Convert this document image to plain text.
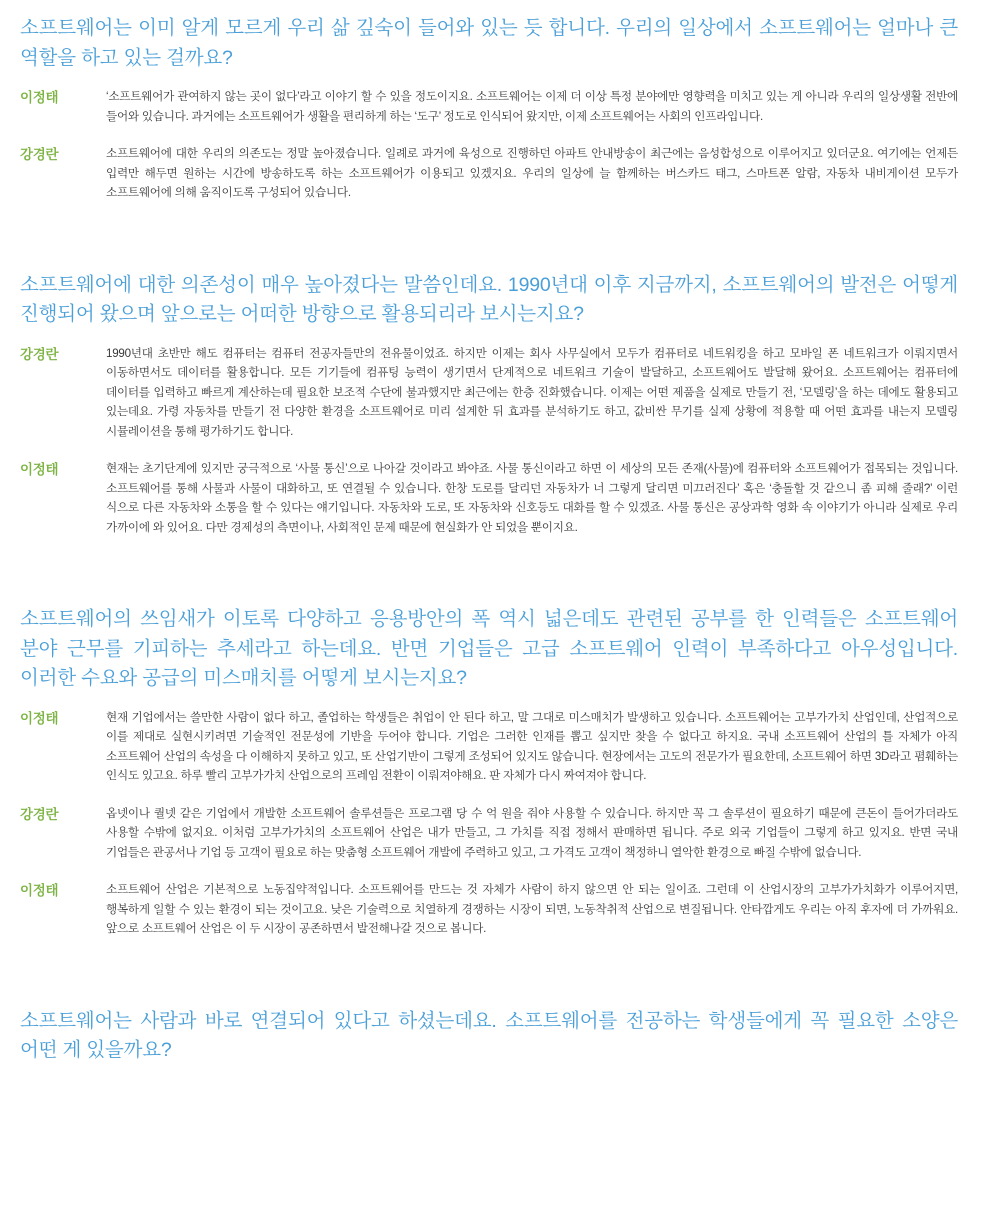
소프트웨어는 이미 알게 모르게 우리 삶 깊숙이 들어와 있는 듯 합니다. 우리의 일상에서 소프트웨어는 얼마나 큰 역할을 하고 있는 걸까요?

이정태	‘소프트웨어가 관여하지 않는 곳이 없다’라고 이야기 할 수 있을 정도이지요. 소프트웨어는 이제 더 이상 특정 분야에만 영향력을 미치고 있는 게 아니라 우리의 일상생활 전반에 들어와 있습니다. 과거에는 소프트웨어가 생활을 편리하게 하는 ‘도구’ 정도로 인식되어 왔지만, 이제 소프트웨어는 사회의 인프라입니다.
강경란	소프트웨어에 대한 우리의 의존도는 정말 높아졌습니다. 일례로 과거에 육성으로 진행하던 아파트 안내방송이 최근에는 음성합성으로 이루어지고 있더군요. 여기에는 언제든 입력만 해두면 원하는 시간에 방송하도록 하는 소프트웨어가 이용되고 있겠지요. 우리의 일상에 늘 함께하는 버스카드 태그, 스마트폰 알람, 자동차 내비게이션 모두가 소프트웨어에 의해 움직이도록 구성되어 있습니다.

소프트웨어에 대한 의존성이 매우 높아졌다는 말씀인데요. 1990년대 이후 지금까지, 소프트웨어의 발전은 어떻게 진행되어 왔으며 앞으로는 어떠한 방향으로 활용되리라 보시는지요?

강경란	1990년대 초반만 해도 컴퓨터는 컴퓨터 전공자들만의 전유물이었죠. 하지만 이제는 회사 사무실에서 모두가 컴퓨터로 네트워킹을 하고 모바일 폰 네트워크가 이뤄지면서 이동하면서도 데이터를 활용합니다. 모든 기기들에 컴퓨팅 능력이 생기면서 단계적으로 네트워크 기술이 발달하고, 소프트웨어도 발달해 왔어요. 소프트웨어는 컴퓨터에 데이터를 입력하고 빠르게 계산하는데 필요한 보조적 수단에 불과했지만 최근에는 한층 진화했습니다. 이제는 어떤 제품을 실제로 만들기 전, ‘모델링’을 하는 데에도 활용되고 있는데요. 가령 자동차를 만들기 전 다양한 환경을 소프트웨어로 미리 설계한 뒤 효과를 분석하기도 하고, 값비싼 무기를 실제 상황에 적용할 때 어떤 효과를 내는지 모델링 시뮬레이션을 통해 평가하기도 합니다.
이정태	현재는 초기단계에 있지만 궁극적으로 ‘사물 통신’으로 나아갈 것이라고 봐야죠. 사물 통신이라고 하면 이 세상의 모든 존재(사물)에 컴퓨터와 소프트웨어가 접목되는 것입니다. 소프트웨어를 통해 사물과 사물이 대화하고, 또 연결될 수 있습니다. 한창 도로를 달리던 자동차가 너 그렇게 달리면 미끄러진다’ 혹은 ‘충돌할 것 같으니 좀 피해 줄래?’ 이런 식으로 다른 자동차와 소통을 할 수 있다는 얘기입니다. 자동차와 도로, 또 자동차와 신호등도 대화를 할 수 있겠죠. 사물 통신은 공상과학 영화 속 이야기가 아니라 실제로 우리 가까이에 와 있어요. 다만 경제성의 측면이나, 사회적인 문제 때문에 현실화가 안 되었을 뿐이지요.

소프트웨어의 쓰임새가 이토록 다양하고 응용방안의 폭 역시 넓은데도 관련된 공부를 한 인력들은 소프트웨어 분야 근무를 기피하는 추세라고 하는데요. 반면 기업들은 고급 소프트웨어 인력이 부족하다고 아우성입니다. 이러한 수요와 공급의 미스매치를 어떻게 보시는지요?

이정태	현재 기업에서는 쓸만한 사람이 없다 하고, 졸업하는 학생들은 취업이 안 된다 하고, 말 그대로 미스매치가 발생하고 있습니다. 소프트웨어는 고부가가치 산업인데, 산업적으로 이를 제대로 실현시키려면 기술적인 전문성에 기반을 두어야 합니다. 기업은 그러한 인재를 뽑고 싶지만 찾을 수 없다고 하지요. 국내 소프트웨어 산업의 틀 자체가 아직 소프트웨어 산업의 속성을 다 이해하지 못하고 있고, 또 산업기반이 그렇게 조성되어 있지도 않습니다. 현장에서는 고도의 전문가가 필요한데, 소프트웨어 하면 3D라고 폄훼하는 인식도 있고요. 하루 빨리 고부가가치 산업으로의 프레임 전환이 이뤄져야해요. 판 자체가 다시 짜여져야 합니다.
강경란	옵넷이나 퀄넷 같은 기업에서 개발한 소프트웨어 솔루션들은 프로그램 당 수 억 원을 줘야 사용할 수 있습니다. 하지만 꼭 그 솔루션이 필요하기 때문에 큰돈이 들어가더라도 사용할 수밖에 없지요. 이처럼 고부가가치의 소프트웨어 산업은 내가 만들고, 그 가치를 직접 정해서 판매하면 됩니다. 주로 외국 기업들이 그렇게 하고 있지요. 반면 국내 기업들은 관공서나 기업 등 고객이 필요로 하는 맞춤형 소프트웨어 개발에 주력하고 있고, 그 가격도 고객이 책정하니 열악한 환경으로 빠질 수밖에 없습니다.
이정태	소프트웨어 산업은 기본적으로 노동집약적입니다. 소프트웨어를 만드는 것 자체가 사람이 하지 않으면 안 되는 일이죠. 그런데 이 산업시장의 고부가가치화가 이루어지면, 행복하게 일할 수 있는 환경이 되는 것이고요. 낮은 기술력으로 치열하게 경쟁하는 시장이 되면, 노동착취적 산업으로 변질됩니다. 안타깝게도 우리는 아직 후자에 더 가까워요. 앞으로 소프트웨어 산업은 이 두 시장이 공존하면서 발전해나갈 것으로 봅니다.

소프트웨어는 사람과 바로 연결되어 있다고 하셨는데요. 소프트웨어를 전공하는 학생들에게 꼭 필요한 소양은 어떤 게 있을까요?
